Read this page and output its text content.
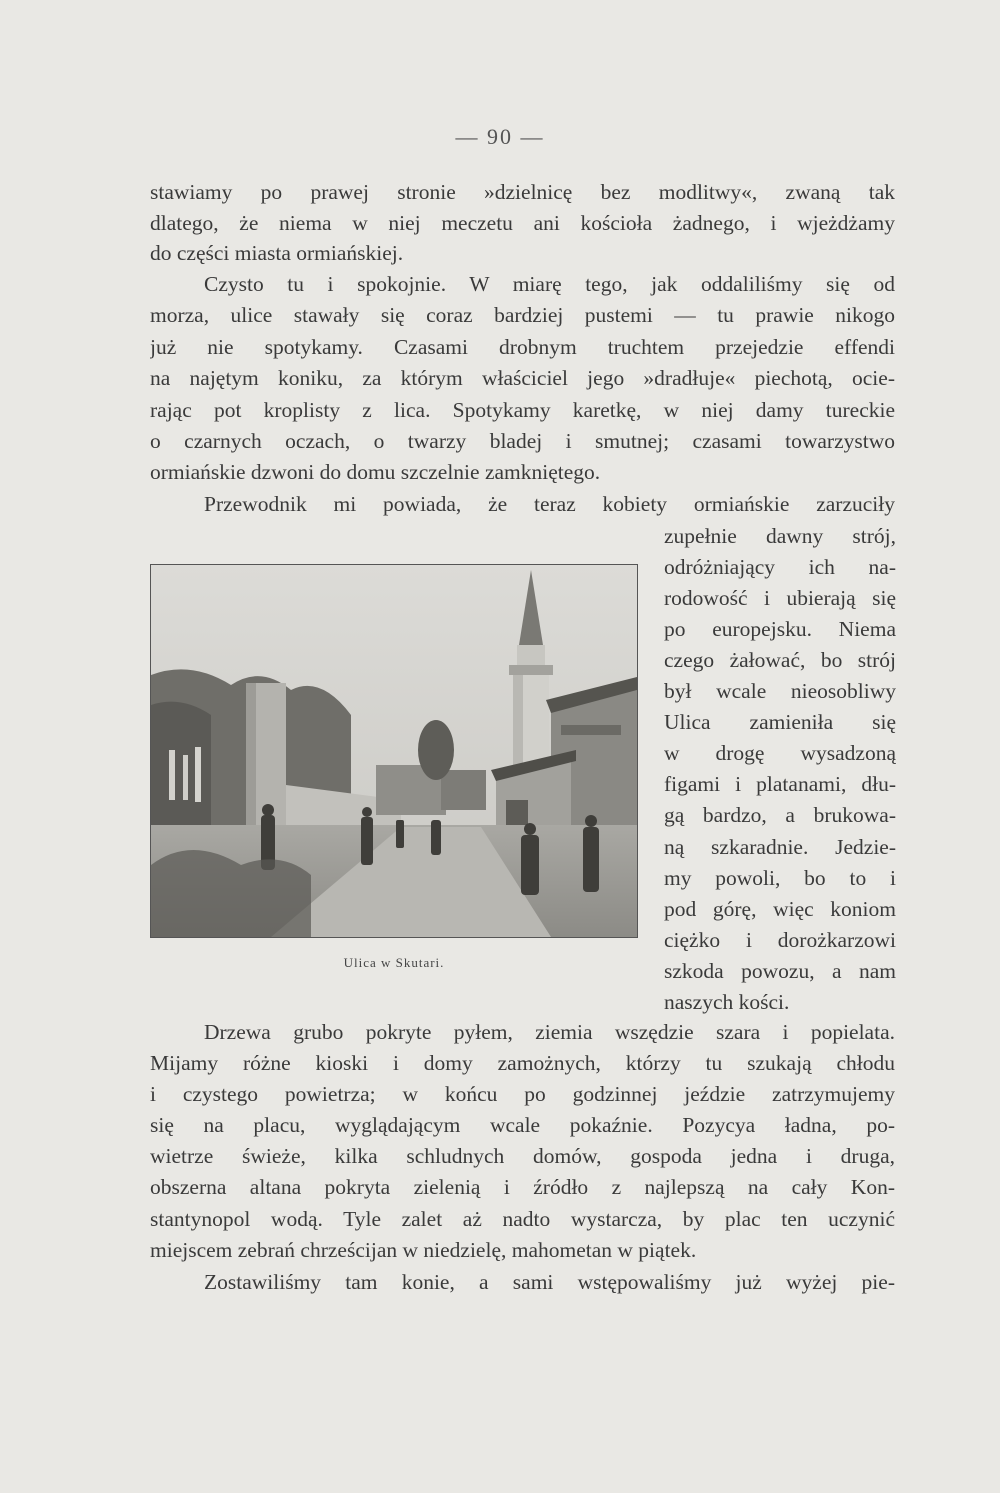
— 90 —
stawiamy po prawej stronie »dzielnicę bez modlitwy«, zwaną tak
dlatego, że niema w niej meczetu ani kościoła żadnego, i wjeżdżamy
do części miasta ormiańskiej.
Czysto tu i spokojnie. W miarę tego, jak oddaliliśmy się od
morza, ulice stawały się coraz bardziej pustemi — tu prawie nikogo
już nie spotykamy. Czasami drobnym truchtem przejedzie effendi
na najętym koniku, za którym właściciel jego »dradłuje« piechotą, ocie-
rając pot kroplisty z lica. Spotykamy karetkę, w niej damy tureckie
o czarnych oczach, o twarzy bladej i smutnej; czasami towarzystwo
ormiańskie dzwoni do domu szczelnie zamkniętego.
Przewodnik mi powiada, że teraz kobiety ormiańskie zarzuciły
zupełnie dawny strój,
odróżniający ich na-
rodowość i ubierają się
po europejsku. Niema
czego żałować, bo strój
był wcale nieosobliwy
Ulica zamieniła się
w drogę wysadzoną
figami i platanami, dłu-
gą bardzo, a brukowa-
ną szkaradnie. Jedzie-
my powoli, bo to i
pod górę, więc koniom
ciężko i dorożkarzowi
szkoda powozu, a nam
naszych kości.
Ulica w Skutari.
Drzewa grubo pokryte pyłem, ziemia wszędzie szara i popielata.
Mijamy różne kioski i domy zamożnych, którzy tu szukają chłodu
i czystego powietrza; w końcu po godzinnej jeździe zatrzymujemy
się na placu, wyglądającym wcale pokaźnie. Pozycya ładna, po-
wietrze świeże, kilka schludnych domów, gospoda jedna i druga,
obszerna altana pokryta zielenią i źródło z najlepszą na cały Kon-
stantynopol wodą. Tyle zalet aż nadto wystarcza, by plac ten uczynić
miejscem zebrań chrześcijan w niedzielę, mahometan w piątek.
Zostawiliśmy tam konie, a sami wstępowaliśmy już wyżej pie-
